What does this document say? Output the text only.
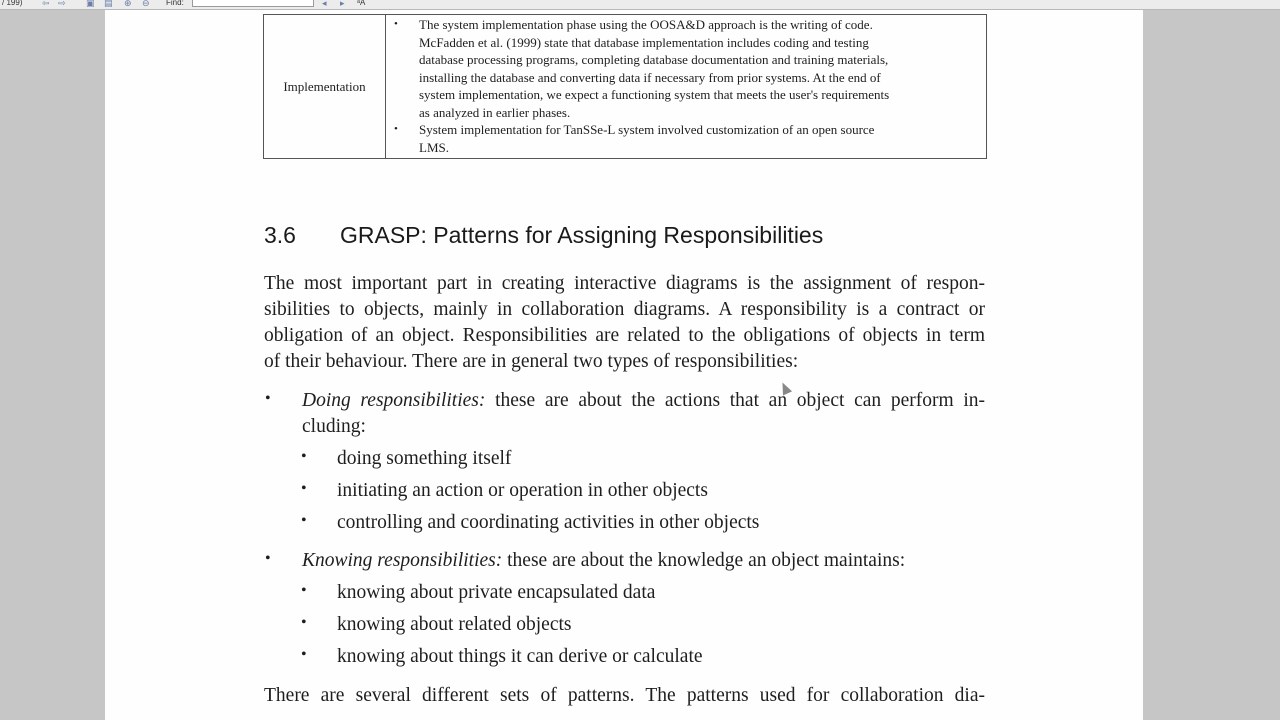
/ 199) ⇦ ⇨ ▣ ▤ ⊕ ⊖ Find:	◂ ▸ ᵃA
Implementation
• The system implementation phase using the OOSA&D approach is the writing of code.
McFadden et al. (1999) state that database implementation includes coding and testing
database processing programs, completing database documentation and training materials,
installing the database and converting data if necessary from prior systems. At the end of
system implementation, we expect a functioning system that meets the user's requirements
as analyzed in earlier phases.
• System implementation for TanSSe-L system involved customization of an open source
LMS.
3.6 GRASP: Patterns for Assigning Responsibilities
The most important part in creating interactive diagrams is the assignment of respon-
sibilities to objects, mainly in collaboration diagrams. A responsibility is a contract or
obligation of an object. Responsibilities are related to the obligations of objects in term
of their behaviour. There are in general two types of responsibilities:
• Doing responsibilities: these are about the actions that an object can perform in-
cluding:
• doing something itself
• initiating an action or operation in other objects
• controlling and coordinating activities in other objects
• Knowing responsibilities: these are about the knowledge an object maintains:
• knowing about private encapsulated data
• knowing about related objects
• knowing about things it can derive or calculate
There are several different sets of patterns. The patterns used for collaboration dia-
